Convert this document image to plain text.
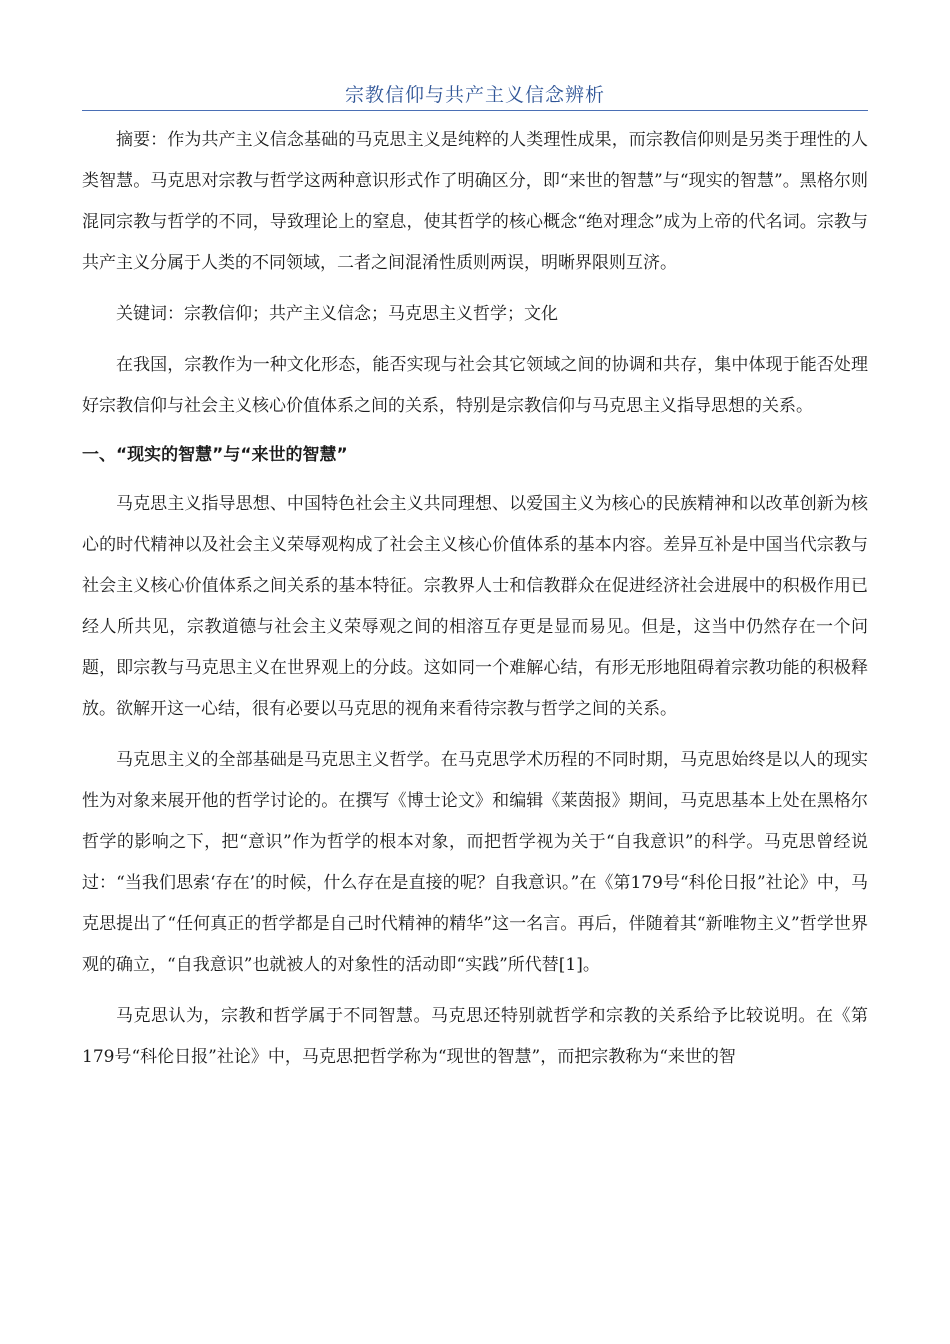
宗教信仰与共产主义信念辨析

摘要：作为共产主义信念基础的马克思主义是纯粹的人类理性成果，而宗教信仰则是另类于理性的人类智慧。马克思对宗教与哲学这两种意识形式作了明确区分，即“来世的智慧”与“现实的智慧”。黑格尔则混同宗教与哲学的不同，导致理论上的窒息，使其哲学的核心概念“绝对理念”成为上帝的代名词。宗教与共产主义分属于人类的不同领域，二者之间混淆性质则两误，明晰界限则互济。

关键词：宗教信仰；共产主义信念；马克思主义哲学；文化

在我国，宗教作为一种文化形态，能否实现与社会其它领域之间的协调和共存，集中体现于能否处理好宗教信仰与社会主义核心价值体系之间的关系，特别是宗教信仰与马克思主义指导思想的关系。

一、“现实的智慧”与“来世的智慧”

马克思主义指导思想、中国特色社会主义共同理想、以爱国主义为核心的民族精神和以改革创新为核心的时代精神以及社会主义荣辱观构成了社会主义核心价值体系的基本内容。差异互补是中国当代宗教与社会主义核心价值体系之间关系的基本特征。宗教界人士和信教群众在促进经济社会进展中的积极作用已经人所共见，宗教道德与社会主义荣辱观之间的相溶互存更是显而易见。但是，这当中仍然存在一个问题，即宗教与马克思主义在世界观上的分歧。这如同一个难解心结，有形无形地阻碍着宗教功能的积极释放。欲解开这一心结，很有必要以马克思的视角来看待宗教与哲学之间的关系。

马克思主义的全部基础是马克思主义哲学。在马克思学术历程的不同时期，马克思始终是以人的现实性为对象来展开他的哲学讨论的。在撰写《博士论文》和编辑《莱茵报》期间，马克思基本上处在黑格尔哲学的影响之下，把“意识”作为哲学的根本对象，而把哲学视为关于“自我意识”的科学。马克思曾经说过：“当我们思索‘存在’的时候，什么存在是直接的呢？自我意识。”在《第179号“科伦日报”社论》中，马克思提出了“任何真正的哲学都是自己时代精神的精华”这一名言。再后，伴随着其“新唯物主义”哲学世界观的确立，“自我意识”也就被人的对象性的活动即“实践”所代替[1]。

马克思认为，宗教和哲学属于不同智慧。马克思还特别就哲学和宗教的关系给予比较说明。在《第179号“科伦日报”社论》中，马克思把哲学称为“现世的智慧”，而把宗教称为“来世的智
